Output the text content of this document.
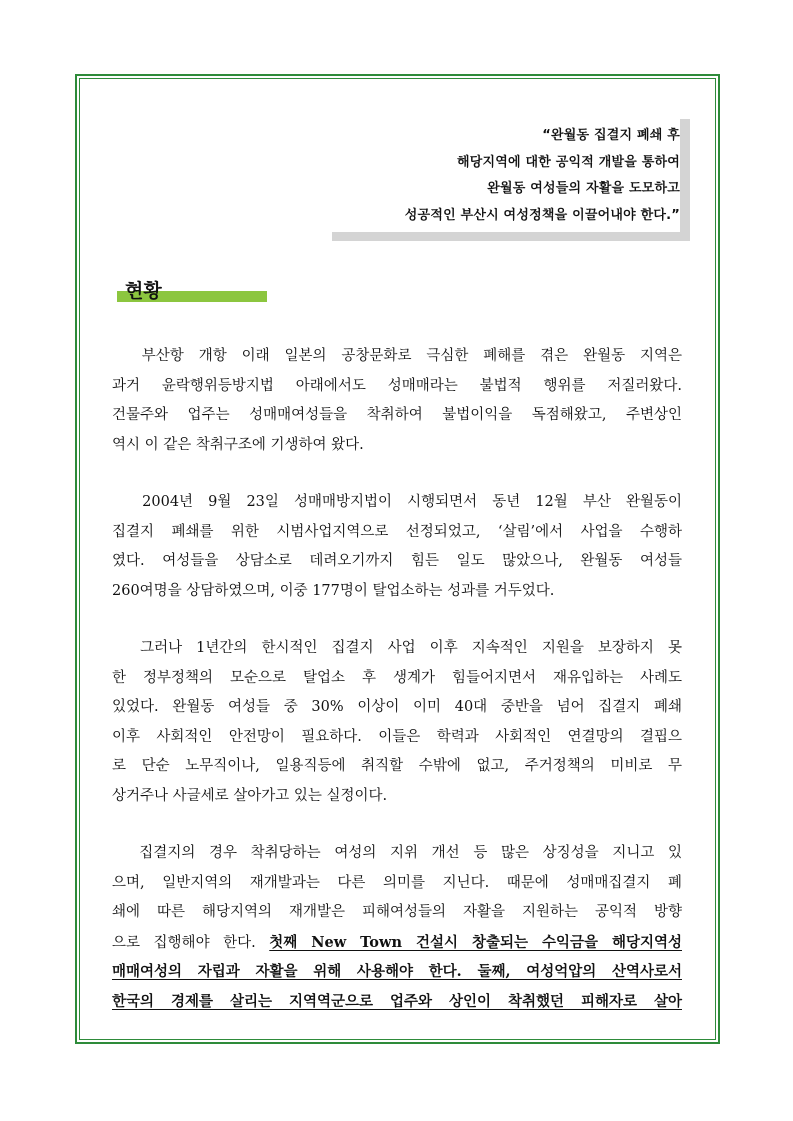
“완월동 집결지 폐쇄 후
해당지역에 대한 공익적 개발을 통하여
완월동 여성들의 자활을 도모하고
성공적인 부산시 여성정책을 이끌어내야 한다.”
현황
부산항 개항 이래 일본의 공창문화로 극심한 폐해를 겪은 완월동 지역은
과거 윤락행위등방지법 아래에서도 성매매라는 불법적 행위를 저질러왔다.
건물주와 업주는 성매매여성들을 착취하여 불법이익을 독점해왔고, 주변상인
역시 이 같은 착취구조에 기생하여 왔다.
2004년 9월 23일 성매매방지법이 시행되면서 동년 12월 부산 완월동이
집결지 폐쇄를 위한 시범사업지역으로 선정되었고, ‘살림’에서 사업을 수행하
였다. 여성들을 상담소로 데려오기까지 힘든 일도 많았으나, 완월동 여성들
260여명을 상담하였으며, 이중 177명이 탈업소하는 성과를 거두었다.
그러나 1년간의 한시적인 집결지 사업 이후 지속적인 지원을 보장하지 못
한 정부정책의 모순으로 탈업소 후 생계가 힘들어지면서 재유입하는 사례도
있었다. 완월동 여성들 중 30% 이상이 이미 40대 중반을 넘어 집결지 폐쇄
이후 사회적인 안전망이 필요하다. 이들은 학력과 사회적인 연결망의 결핍으
로 단순 노무직이나, 일용직등에 취직할 수밖에 없고, 주거정책의 미비로 무
상거주나 사글세로 살아가고 있는 실정이다.
집결지의 경우 착취당하는 여성의 지위 개선 등 많은 상징성을 지니고 있
으며, 일반지역의 재개발과는 다른 의미를 지닌다. 때문에 성매매집결지 폐
쇄에 따른 해당지역의 재개발은 피해여성들의 자활을 지원하는 공익적 방향
으로 집행해야 한다. 첫째 New Town 건설시 창출되는 수익금을 해당지역성
매매여성의 자립과 자활을 위해 사용해야 한다. 둘째, 여성억압의 산역사로서
한국의 경제를 살리는 지역역군으로 업주와 상인이 착취했던 피해자로 살아
